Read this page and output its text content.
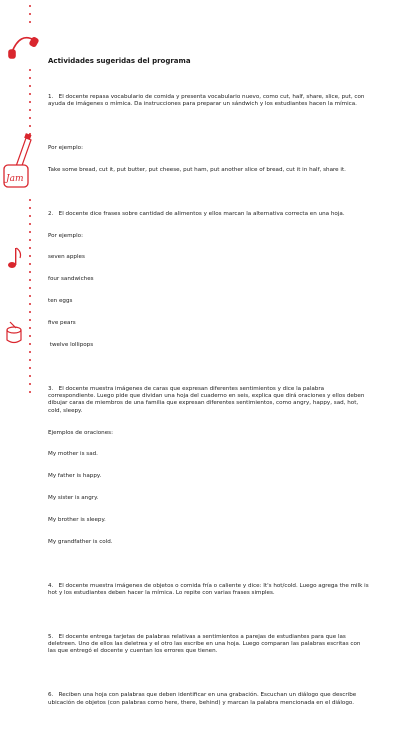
Jam
Actividades sugeridas del programa

1.   El docente repasa vocabulario de comida y presenta vocabulario nuevo, como cut, half, share, slice, put, con ayuda de imágenes o mímica. Da instrucciones para preparar un sándwich y los estudiantes hacen la mímica.

Por ejemplo:

Take some bread, cut it, put butter, put cheese, put ham, put another slice of bread, cut it in half, share it.

2.   El docente dice frases sobre cantidad de alimentos y ellos marcan la alternativa correcta en una hoja.

Por ejemplo:

seven apples

four sandwiches

ten eggs

five pears

twelve lollipops

3.   El docente muestra imágenes de caras que expresan diferentes sentimientos y dice la palabra correspondiente. Luego pide que dividan una hoja del cuaderno en seis, explica que dirá oraciones y ellos deben dibujar caras de miembros de una familia que expresan diferentes sentimientos, como angry, happy, sad, hot, cold, sleepy.

Ejemplos de oraciones:

My mother is sad.

My father is happy.

My sister is angry.

My brother is sleepy.

My grandfather is cold.

4.   El docente muestra imágenes de objetos o comida fría o caliente y dice: It's hot/cold. Luego agrega the milk is hot y los estudiantes deben hacer la mímica. Lo repite con varias frases simples.

5.   El docente entrega tarjetas de palabras relativas a sentimientos a parejas de estudiantes para que las deletreen. Uno de ellos las deletrea y el otro las escribe en una hoja. Luego comparan las palabras escritas con las que entregó el docente y cuentan los errores que tienen.

6.   Reciben una hoja con palabras que deben identificar en una grabación. Escuchan un diálogo que describe ubicación de objetos (con palabras como here, there, behind) y marcan la palabra mencionada en el diálogo.
